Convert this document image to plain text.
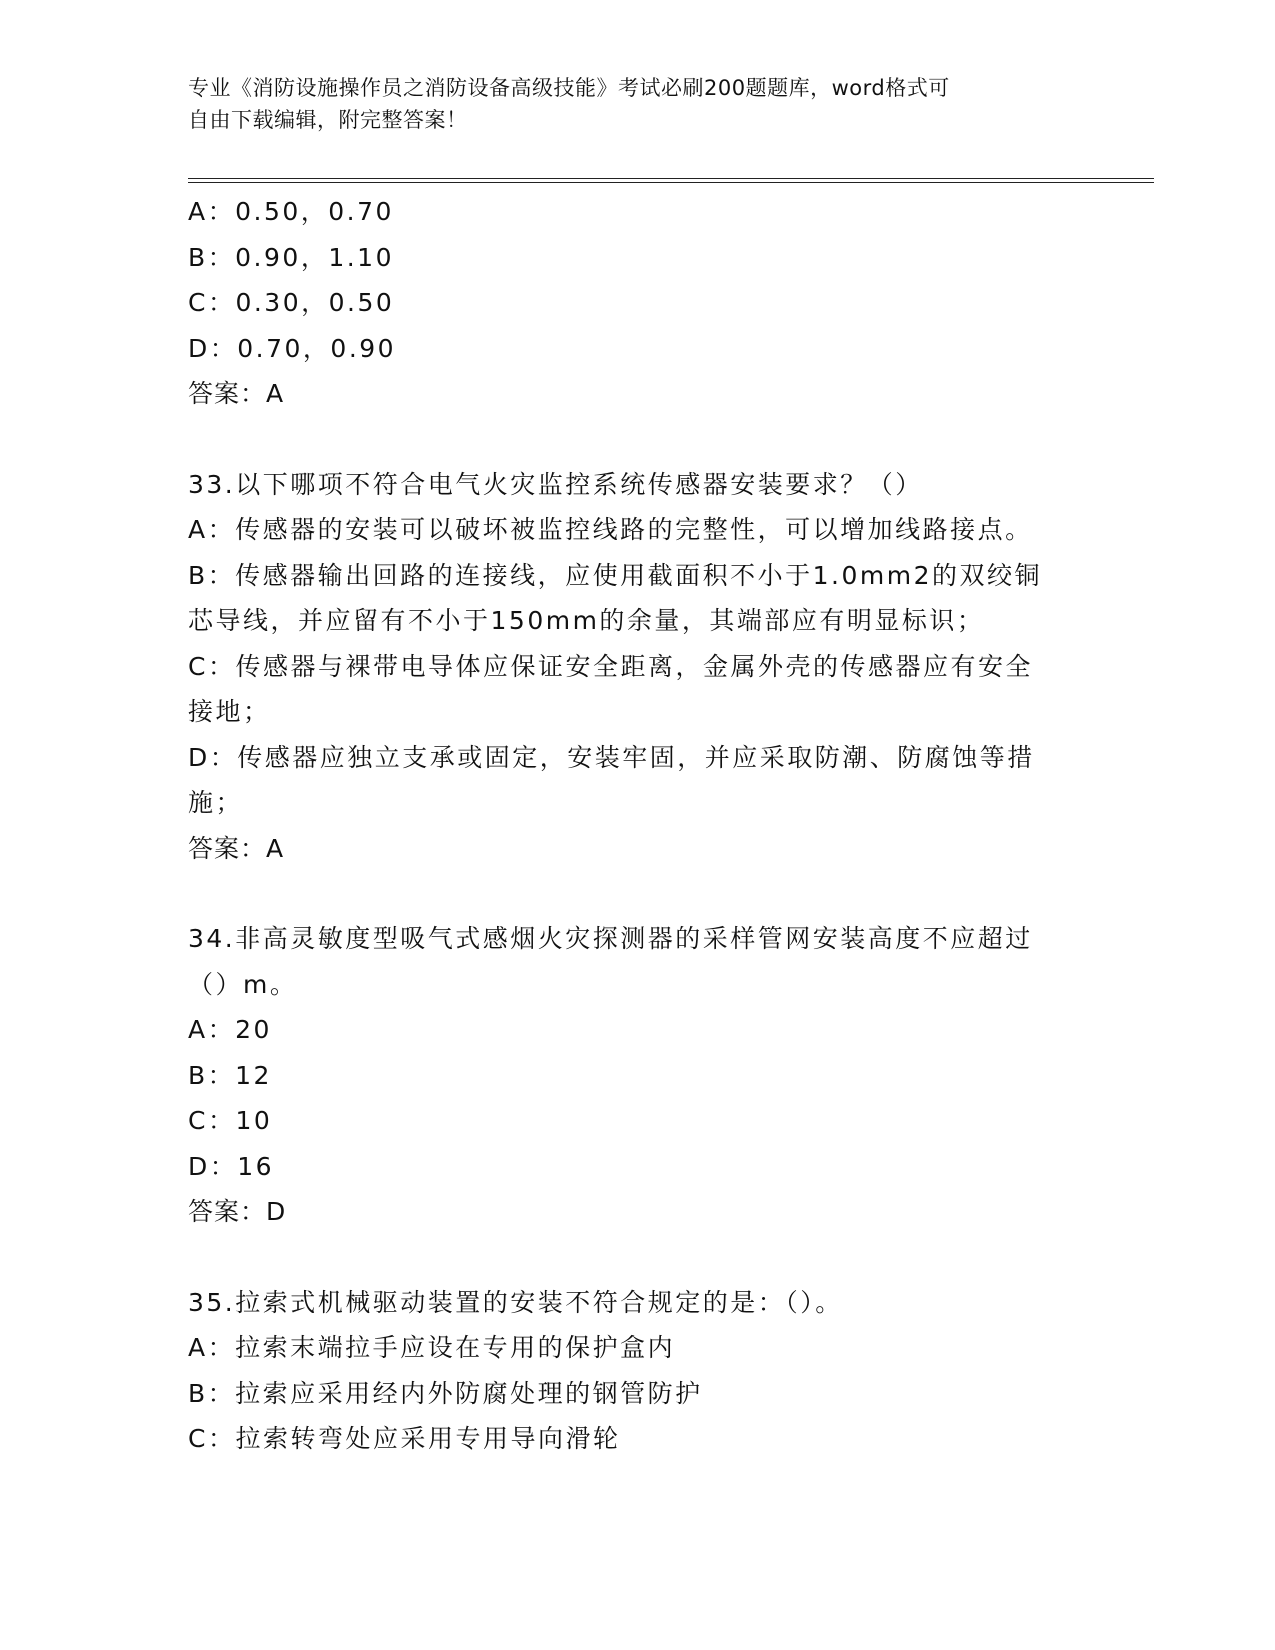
专业《消防设施操作员之消防设备高级技能》考试必刷200题题库，word格式可
自由下载编辑，附完整答案！
A：0.50，0.70
B：0.90，1.10
C：0.30，0.50
D：0.70，0.90
答案：A
33.以下哪项不符合电气火灾监控系统传感器安装要求？（）
A：传感器的安装可以破坏被监控线路的完整性，可以增加线路接点。
B：传感器输出回路的连接线，应使用截面积不小于1.0mm2的双绞铜
芯导线，并应留有不小于150mm的余量，其端部应有明显标识；
C：传感器与裸带电导体应保证安全距离，金属外壳的传感器应有安全
接地；
D：传感器应独立支承或固定，安装牢固，并应采取防潮、防腐蚀等措
施；
答案：A
34.非高灵敏度型吸气式感烟火灾探测器的采样管网安装高度不应超过
（）m。
A：20
B：12
C：10
D：16
答案：D
35.拉索式机械驱动装置的安装不符合规定的是：（）。
A：拉索末端拉手应设在专用的保护盒内
B：拉索应采用经内外防腐处理的钢管防护
C：拉索转弯处应采用专用导向滑轮
